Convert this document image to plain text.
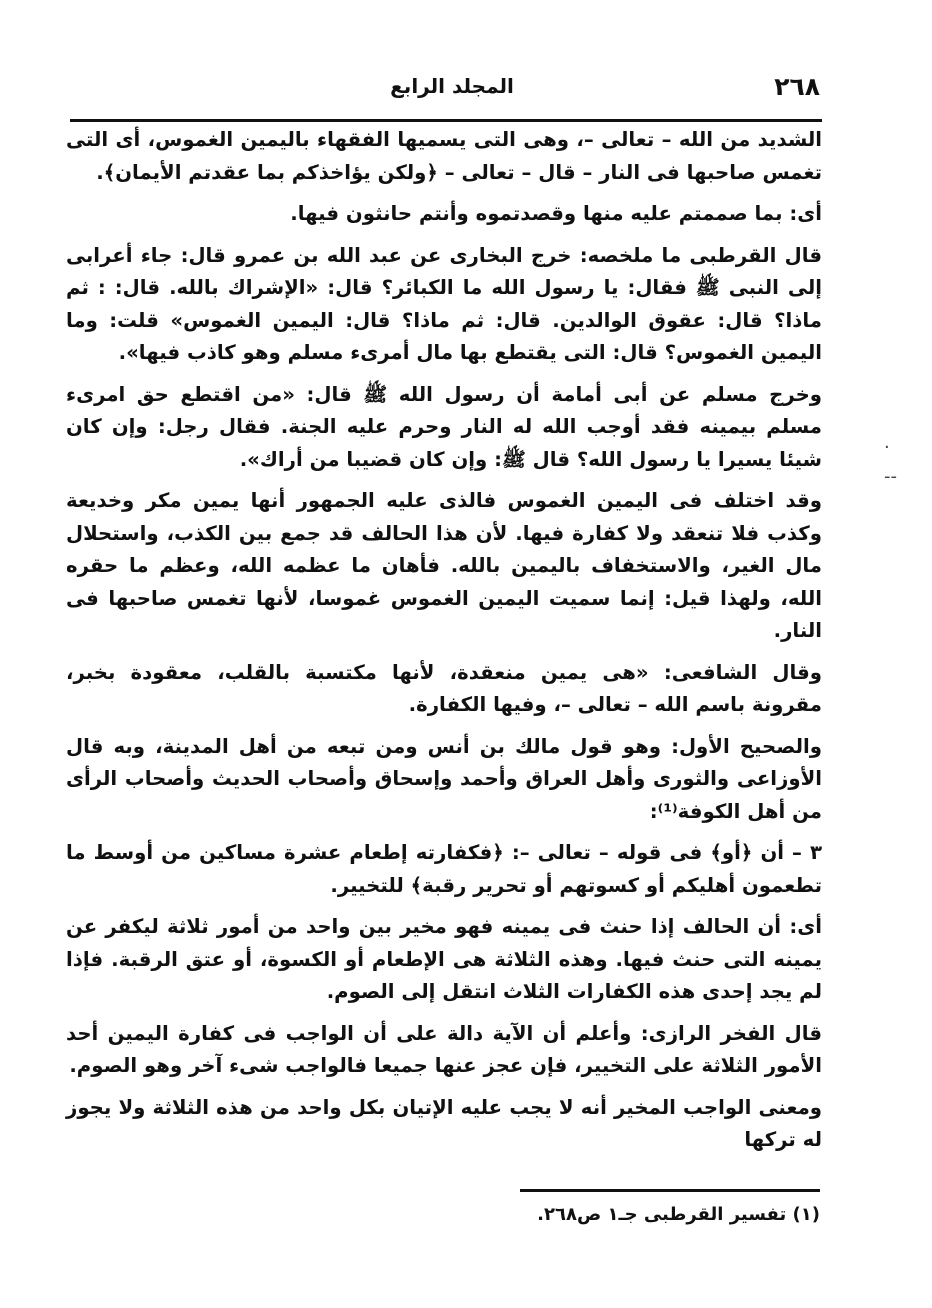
٢٦٨
المجلد الرابع

الشديد من الله – تعالى –، وهى التى يسميها الفقهاء باليمين الغموس، أى التى تغمس صاحبها فى النار – قال – تعالى – ﴿ولكن يؤاخذكم بما عقدتم الأيمان﴾.

أى: بما صممتم عليه منها وقصدتموه وأنتم حانثون فيها.

قال القرطبى ما ملخصه: خرج البخارى عن عبد الله بن عمرو قال: جاء أعرابى إلى النبى ﷺ فقال: يا رسول الله ما الكبائر؟ قال: «الإشراك بالله. قال: : ثم ماذا؟ قال: عقوق الوالدين. قال: ثم ماذا؟ قال: اليمين الغموس» قلت: وما اليمين الغموس؟ قال: التى يقتطع بها مال أمرىء مسلم وهو كاذب فيها».

وخرج مسلم عن أبى أمامة أن رسول الله ﷺ قال: «من اقتطع حق امرىء مسلم بيمينه فقد أوجب الله له النار وحرم عليه الجنة. فقال رجل: وإن كان شيئا يسيرا يا رسول الله؟ قال ﷺ: وإن كان قضيبا من أراك».

وقد اختلف فى اليمين الغموس فالذى عليه الجمهور أنها يمين مكر وخديعة وكذب فلا تنعقد ولا كفارة فيها. لأن هذا الحالف قد جمع بين الكذب، واستحلال مال الغير، والاستخفاف باليمين بالله. فأهان ما عظمه الله، وعظم ما حقره الله، ولهذا قيل: إنما سميت اليمين الغموس غموسا، لأنها تغمس صاحبها فى النار.

وقال الشافعى: «هى يمين منعقدة، لأنها مكتسبة بالقلب، معقودة بخبر، مقرونة باسم الله – تعالى –، وفيها الكفارة.

والصحيح الأول: وهو قول مالك بن أنس ومن تبعه من أهل المدينة، وبه قال الأوزاعى والثورى وأهل العراق وأحمد وإسحاق وأصحاب الحديث وأصحاب الرأى من أهل الكوفة⁽¹⁾:

٣ – أن ﴿أو﴾ فى قوله – تعالى –: ﴿فكفارته إطعام عشرة مساكين من أوسط ما تطعمون أهليكم أو كسوتهم أو تحرير رقبة﴾ للتخيير.

أى: أن الحالف إذا حنث فى يمينه فهو مخير بين واحد من أمور ثلاثة ليكفر عن يمينه التى حنث فيها. وهذه الثلاثة هى الإطعام أو الكسوة، أو عتق الرقبة. فإذا لم يجد إحدى هذه الكفارات الثلاث انتقل إلى الصوم.

قال الفخر الرازى: وأعلم أن الآية دالة على أن الواجب فى كفارة اليمين أحد الأمور الثلاثة على التخيير، فإن عجز عنها جميعا فالواجب شىء آخر وهو الصوم.

ومعنى الواجب المخير أنه لا يجب عليه الإتيان بكل واحد من هذه الثلاثة ولا يجوز له تركها

.
--
(١) تفسير القرطبى جـ١ ص٢٦٨.
